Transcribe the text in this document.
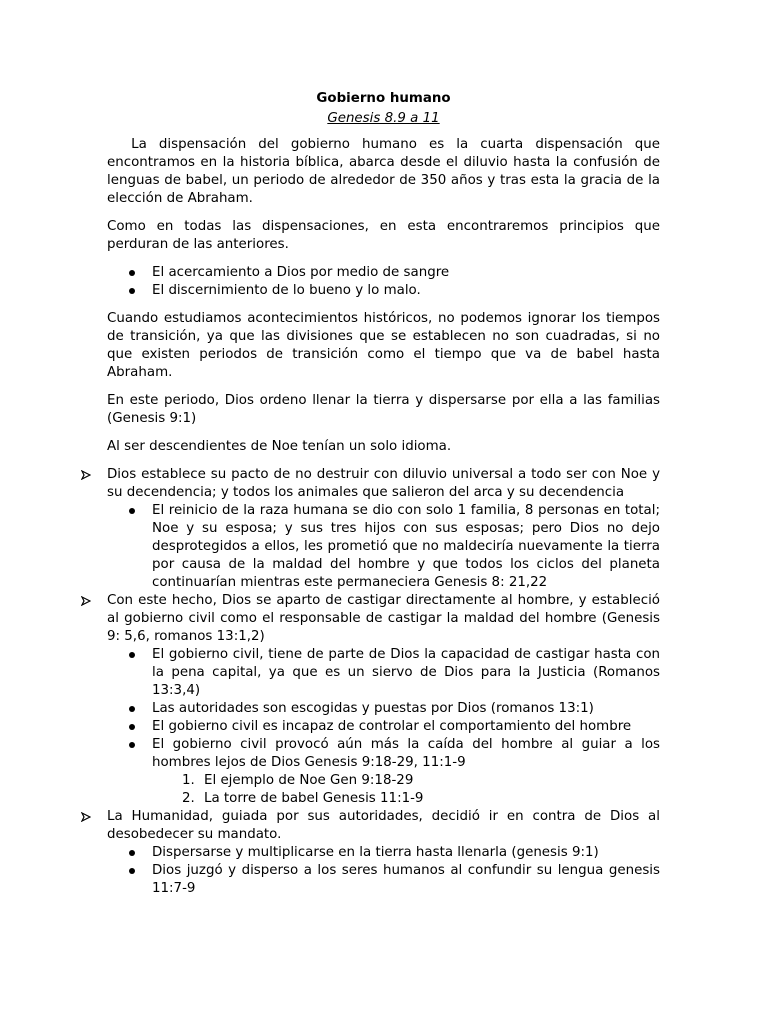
Gobierno humano
Genesis 8.9 a 11

La dispensación del gobierno humano es la cuarta dispensación que encontramos en la historia bíblica, abarca desde el diluvio hasta la confusión de lenguas de babel, un periodo de alrededor de 350 años y tras esta la gracia de la elección de Abraham.

Como en todas las dispensaciones, en esta encontraremos principios que perduran de las anteriores.

El acercamiento a Dios por medio de sangre
El discernimiento de lo bueno y lo malo.

Cuando estudiamos acontecimientos históricos, no podemos ignorar los tiempos de transición, ya que las divisiones que se establecen no son cuadradas, si no que existen periodos de transición como el tiempo que va de babel hasta Abraham.

En este periodo, Dios ordeno llenar la tierra y dispersarse por ella a las familias (Genesis 9:1)

Al ser descendientes de Noe tenían un solo idioma.

Dios establece su pacto de no destruir con diluvio universal a todo ser con Noe y su decendencia; y todos los animales que salieron del arca y su decendencia
El reinicio de la raza humana se dio con solo 1 familia, 8 personas en total; Noe y su esposa; y sus tres hijos con sus esposas; pero Dios no dejo desprotegidos a ellos, les prometió que no maldeciría nuevamente la tierra por causa de la maldad del hombre y que todos los ciclos del planeta continuarían mientras este permaneciera Genesis 8: 21,22
Con este hecho, Dios se aparto de castigar directamente al hombre, y estableció al gobierno civil como el responsable de castigar la maldad del hombre (Genesis 9: 5,6, romanos 13:1,2)
El gobierno civil, tiene de parte de Dios la capacidad de castigar hasta con la pena capital, ya que es un siervo de Dios para la Justicia (Romanos 13:3,4)
Las autoridades son escogidas y puestas por Dios (romanos 13:1)
El gobierno civil es incapaz de controlar el comportamiento del hombre
El gobierno civil provocó aún más la caída del hombre al guiar a los hombres lejos de Dios Genesis 9:18-29, 11:1-9
1. El ejemplo de Noe Gen 9:18-29
2. La torre de babel Genesis 11:1-9
La Humanidad, guiada por sus autoridades, decidió ir en contra de Dios al desobedecer su mandato.
Dispersarse y multiplicarse en la tierra hasta llenarla (genesis 9:1)
Dios juzgó y disperso a los seres humanos al confundir su lengua genesis 11:7-9
